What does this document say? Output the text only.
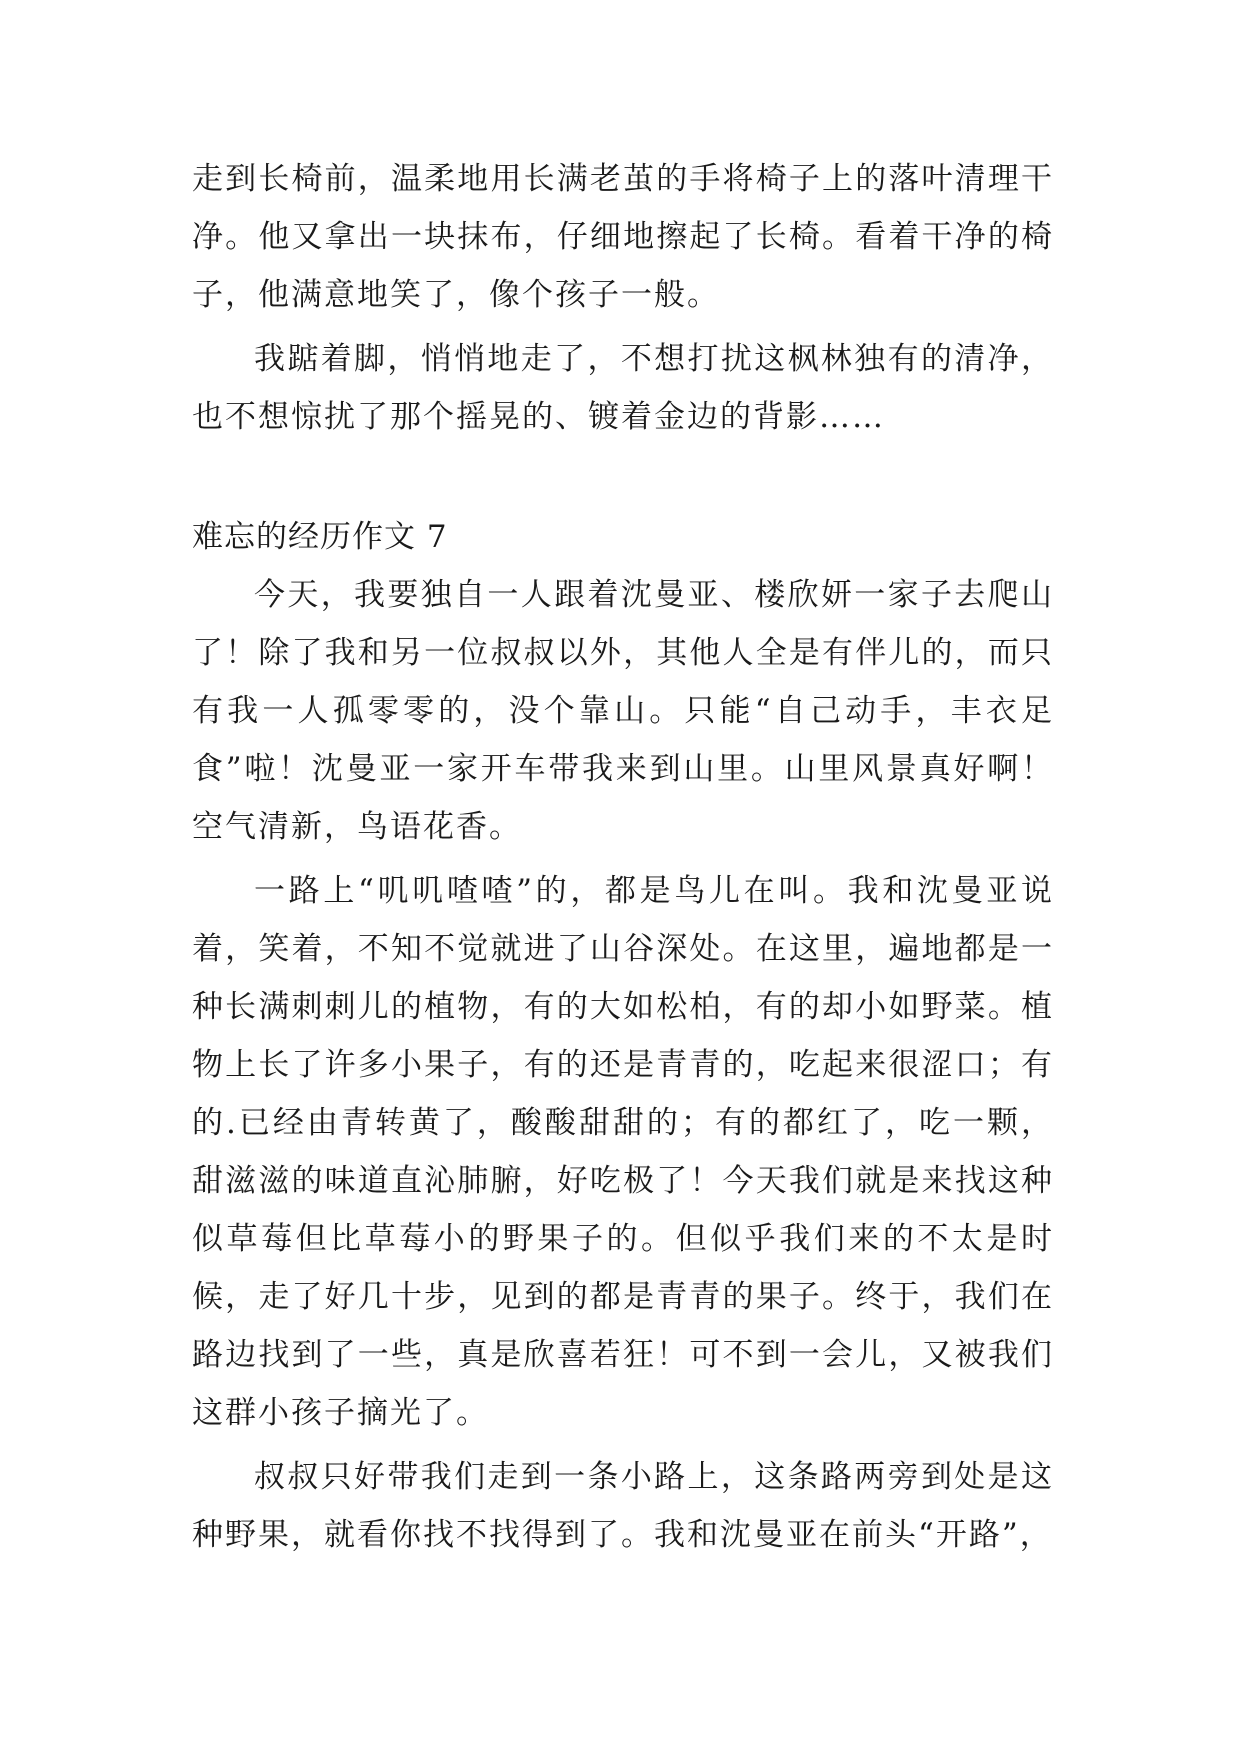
走到长椅前，温柔地用长满老茧的手将椅子上的落叶清理干净。他又拿出一块抹布，仔细地擦起了长椅。看着干净的椅子，他满意地笑了，像个孩子一般。

我踮着脚，悄悄地走了，不想打扰这枫林独有的清净，也不想惊扰了那个摇晃的、镀着金边的背影……

难忘的经历作文 7

今天，我要独自一人跟着沈曼亚、楼欣妍一家子去爬山了！除了我和另一位叔叔以外，其他人全是有伴儿的，而只有我一人孤零零的，没个靠山。只能“自己动手，丰衣足食”啦！沈曼亚一家开车带我来到山里。山里风景真好啊！空气清新，鸟语花香。

一路上“叽叽喳喳”的，都是鸟儿在叫。我和沈曼亚说着，笑着，不知不觉就进了山谷深处。在这里，遍地都是一种长满刺刺儿的植物，有的大如松柏，有的却小如野菜。植物上长了许多小果子，有的还是青青的，吃起来很涩口；有的.已经由青转黄了，酸酸甜甜的；有的都红了，吃一颗，甜滋滋的味道直沁肺腑，好吃极了！今天我们就是来找这种似草莓但比草莓小的野果子的。但似乎我们来的不太是时候，走了好几十步，见到的都是青青的果子。终于，我们在路边找到了一些，真是欣喜若狂！可不到一会儿，又被我们这群小孩子摘光了。

叔叔只好带我们走到一条小路上，这条路两旁到处是这种野果，就看你找不找得到了。我和沈曼亚在前头“开路”，
